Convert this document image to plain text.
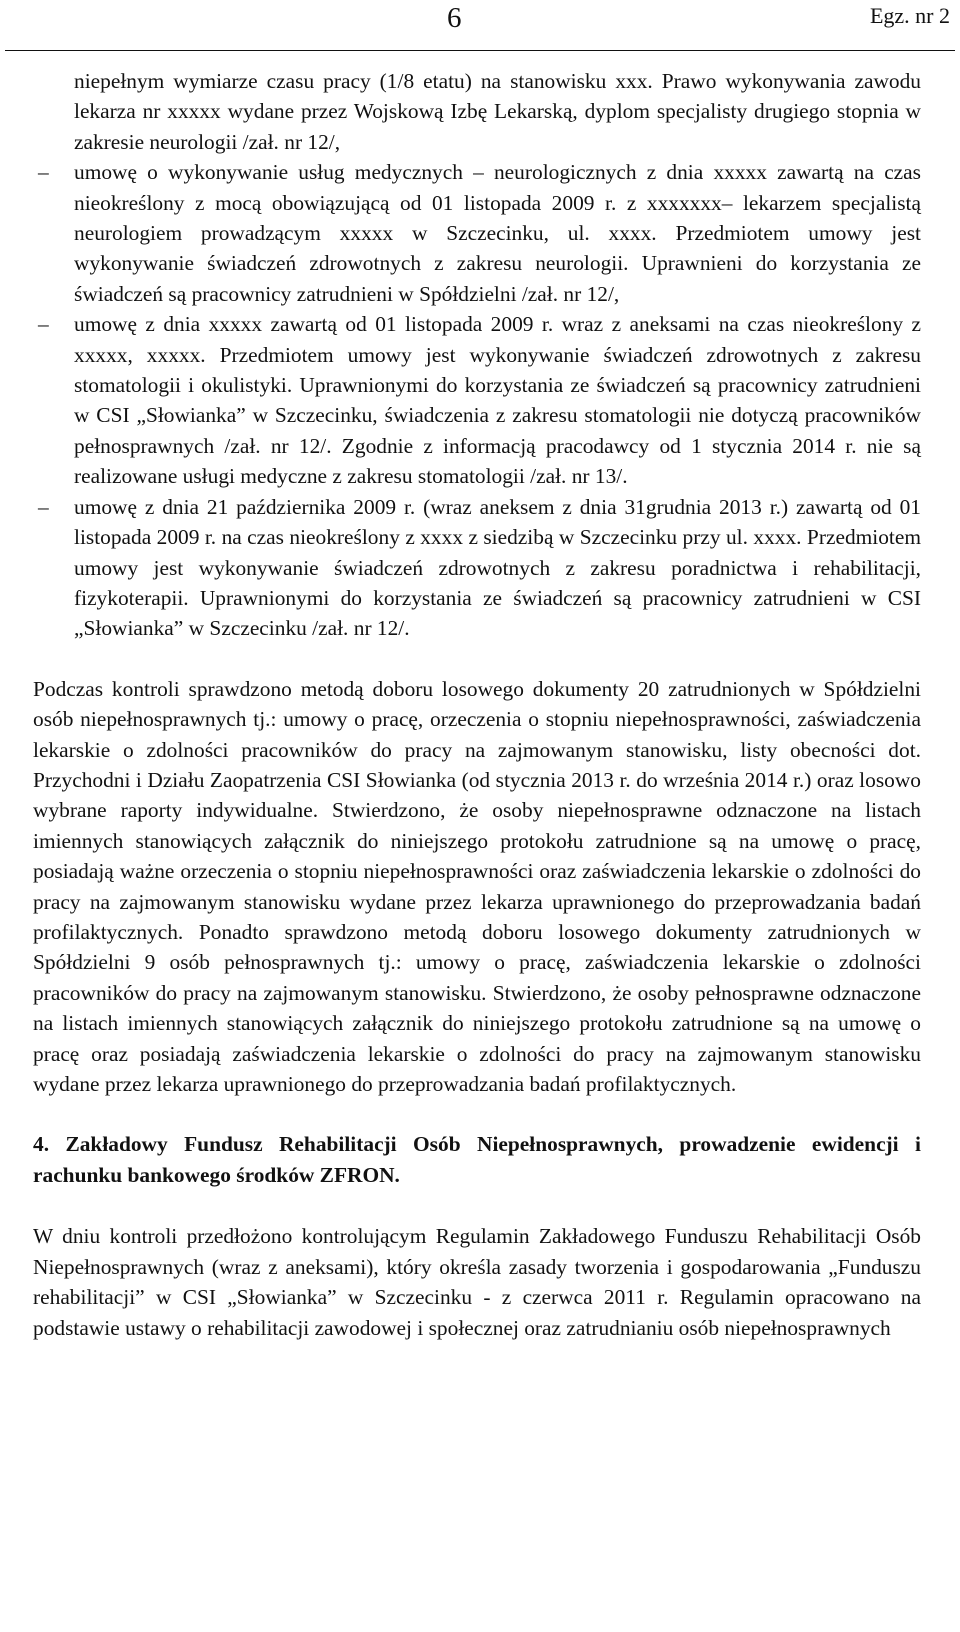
6	Egz. nr 2

niepełnym wymiarze czasu pracy (1/8 etatu) na stanowisku xxx. Prawo wykonywania zawodu lekarza nr xxxxx wydane przez Wojskową Izbę Lekarską, dyplom specjalisty drugiego stopnia w zakresie neurologii /zał. nr 12/,

– umowę o wykonywanie usług medycznych – neurologicznych z dnia xxxxx zawartą na czas nieokreślony z mocą obowiązującą od 01 listopada 2009 r. z xxxxxxx– lekarzem specjalistą neurologiem prowadzącym xxxxx w Szczecinku, ul. xxxx. Przedmiotem umowy jest wykonywanie świadczeń zdrowotnych z zakresu neurologii. Uprawnieni do korzystania ze świadczeń są pracownicy zatrudnieni w Spółdzielni /zał. nr 12/,
– umowę z dnia xxxxx zawartą od 01 listopada 2009 r. wraz z aneksami na czas nieokreślony z xxxxx, xxxxx. Przedmiotem umowy jest wykonywanie świadczeń zdrowotnych z zakresu stomatologii i okulistyki. Uprawnionymi do korzystania ze świadczeń są pracownicy zatrudnieni w CSI „Słowianka” w Szczecinku, świadczenia z zakresu stomatologii nie dotyczą pracowników pełnosprawnych /zał. nr 12/. Zgodnie z informacją pracodawcy od 1 stycznia 2014 r. nie są realizowane usługi medyczne z zakresu stomatologii /zał. nr 13/.
– umowę z dnia 21 października 2009 r. (wraz aneksem z dnia 31grudnia 2013 r.) zawartą od 01 listopada 2009 r. na czas nieokreślony z xxxx z siedzibą w Szczecinku przy ul. xxxx. Przedmiotem umowy jest wykonywanie świadczeń zdrowotnych z zakresu poradnictwa i rehabilitacji, fizykoterapii. Uprawnionymi do korzystania ze świadczeń są pracownicy zatrudnieni w CSI „Słowianka” w Szczecinku /zał. nr 12/.

Podczas kontroli sprawdzono metodą doboru losowego dokumenty 20 zatrudnionych w Spółdzielni osób niepełnosprawnych tj.: umowy o pracę, orzeczenia o stopniu niepełnosprawności, zaświadczenia lekarskie o zdolności pracowników do pracy na zajmowanym stanowisku, listy obecności dot. Przychodni i Działu Zaopatrzenia CSI Słowianka (od stycznia 2013 r. do września 2014 r.) oraz losowo wybrane raporty indywidualne. Stwierdzono, że osoby niepełnosprawne odznaczone na listach imiennych stanowiących załącznik do niniejszego protokołu zatrudnione są na umowę o pracę, posiadają ważne orzeczenia o stopniu niepełnosprawności oraz zaświadczenia lekarskie o zdolności do pracy na zajmowanym stanowisku wydane przez lekarza uprawnionego do przeprowadzania badań profilaktycznych. Ponadto sprawdzono metodą doboru losowego dokumenty zatrudnionych w Spółdzielni 9 osób pełnosprawnych tj.: umowy o pracę, zaświadczenia lekarskie o zdolności pracowników do pracy na zajmowanym stanowisku. Stwierdzono, że osoby pełnosprawne odznaczone na listach imiennych stanowiących załącznik do niniejszego protokołu zatrudnione są na umowę o pracę oraz posiadają zaświadczenia lekarskie o zdolności do pracy na zajmowanym stanowisku wydane przez lekarza uprawnionego do przeprowadzania badań profilaktycznych.

4. Zakładowy Fundusz Rehabilitacji Osób Niepełnosprawnych, prowadzenie ewidencji i rachunku bankowego środków ZFRON.

W dniu kontroli przedłożono kontrolującym Regulamin Zakładowego Funduszu Rehabilitacji Osób Niepełnosprawnych (wraz z aneksami), który określa zasady tworzenia i gospodarowania „Funduszu rehabilitacji” w CSI „Słowianka” w Szczecinku - z czerwca 2011 r. Regulamin opracowano na podstawie ustawy o rehabilitacji zawodowej i społecznej oraz zatrudnianiu osób niepełnosprawnych
